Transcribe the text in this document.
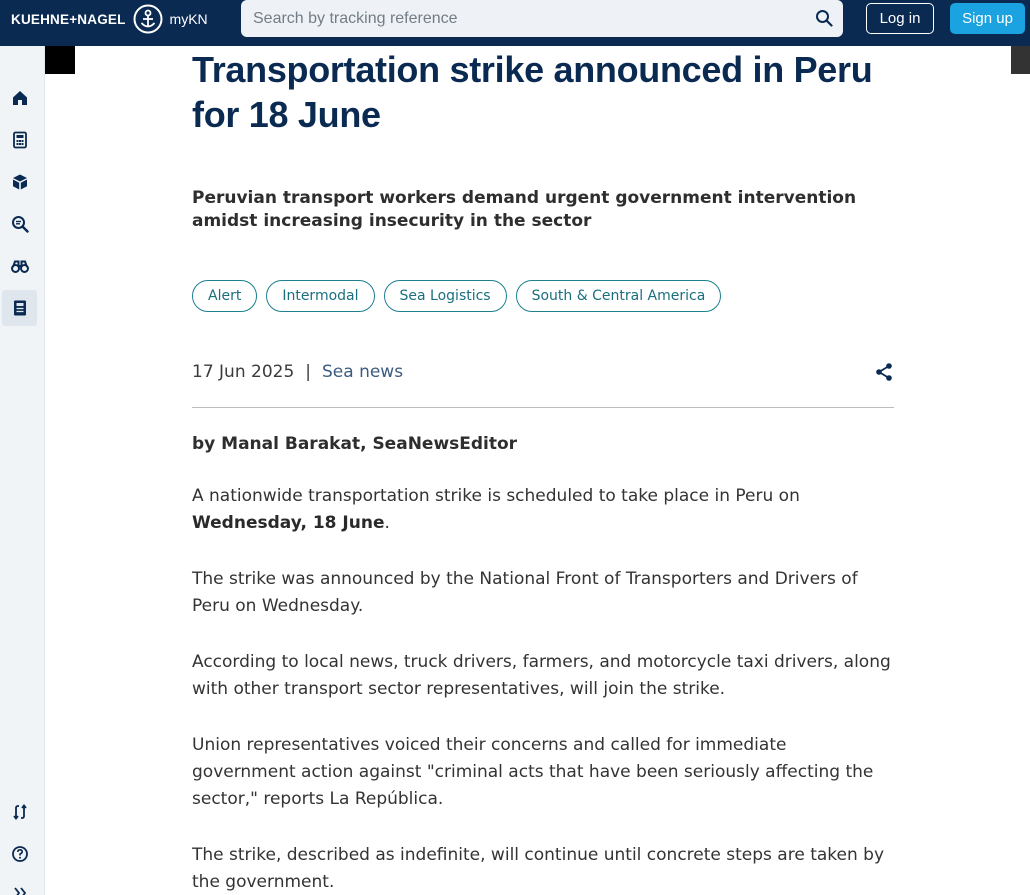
KUEHNE+NAGEL	myKN
Search by tracking reference	Log in	Sign up
Transportation strike announced in Peru for 18 June

Peruvian transport workers demand urgent government intervention amidst increasing insecurity in the sector

Alert	Intermodal	Sea Logistics	South & Central America
17 Jun 2025 | Sea news

by Manal Barakat, SeaNewsEditor

A nationwide transportation strike is scheduled to take place in Peru on Wednesday, 18 June.

The strike was announced by the National Front of Transporters and Drivers of Peru on Wednesday.

According to local news, truck drivers, farmers, and motorcycle taxi drivers, along with other transport sector representatives, will join the strike.

Union representatives voiced their concerns and called for immediate government action against "criminal acts that have been seriously affecting the sector," reports La República.

The strike, described as indefinite, will continue until concrete steps are taken by the government.
